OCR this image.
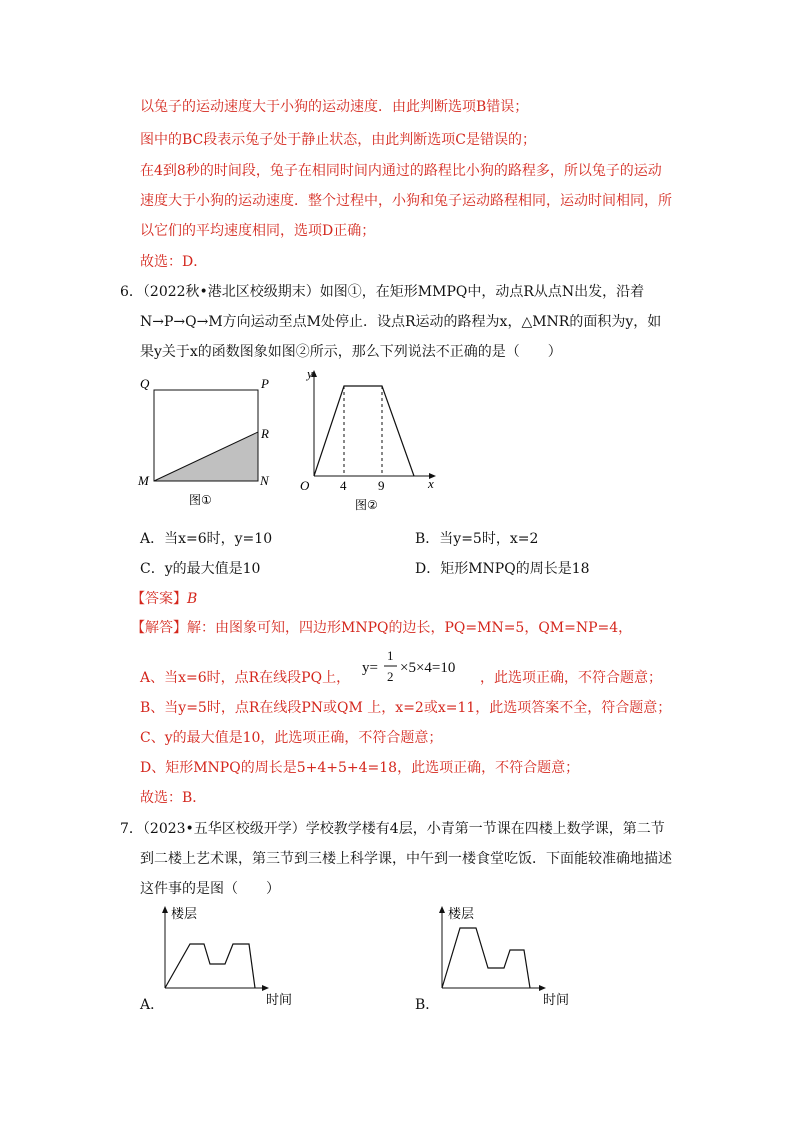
以兔子的运动速度大于小狗的运动速度．由此判断选项B错误；
图中的BC段表示兔子处于静止状态，由此判断选项C是错误的；
在4到8秒的时间段，兔子在相同时间内通过的路程比小狗的路程多，所以兔子的运动
速度大于小狗的运动速度．整个过程中，小狗和兔子运动路程相同，运动时间相同，所
以它们的平均速度相同，选项D正确；
故选：D．
6．（2022秋•港北区校级期末）如图①，在矩形MMPQ中，动点R从点N出发，沿着
N→P→Q→M方向运动至点M处停止．设点R运动的路程为x，△MNR的面积为y，如
果y关于x的函数图象如图②所示，那么下列说法不正确的是（　　）
Q	P
R
M	N
图①
y
O 4 9	x
图②
A．当x=6时，y=10	B．当y=5时，x=2
C．y的最大值是10	D．矩形MNPQ的周长是18
【答案】B
【解答】解：由图象可知，四边形MNPQ的边长，PQ=MN=5，QM=NP=4，
A、当x=6时，点R在线段PQ上，
y=1/2×5×4=10
y=
1
2
×5×4=10
，此选项正确，不符合题意；
B、当y=5时，点R在线段PN或QM 上，x=2或x=11，此选项答案不全，符合题意；
C、y的最大值是10，此选项正确，不符合题意；
D、矩形MNPQ的周长是5+4+5+4=18，此选项正确，不符合题意；
故选：B．
7．（2023•五华区校级开学）学校教学楼有4层，小青第一节课在四楼上数学课，第二节
到二楼上艺术课，第三节到三楼上科学课，中午到一楼食堂吃饭．下面能较准确地描述
这件事的是图（　　）
A．
楼层
时间	B．
楼层
时间
